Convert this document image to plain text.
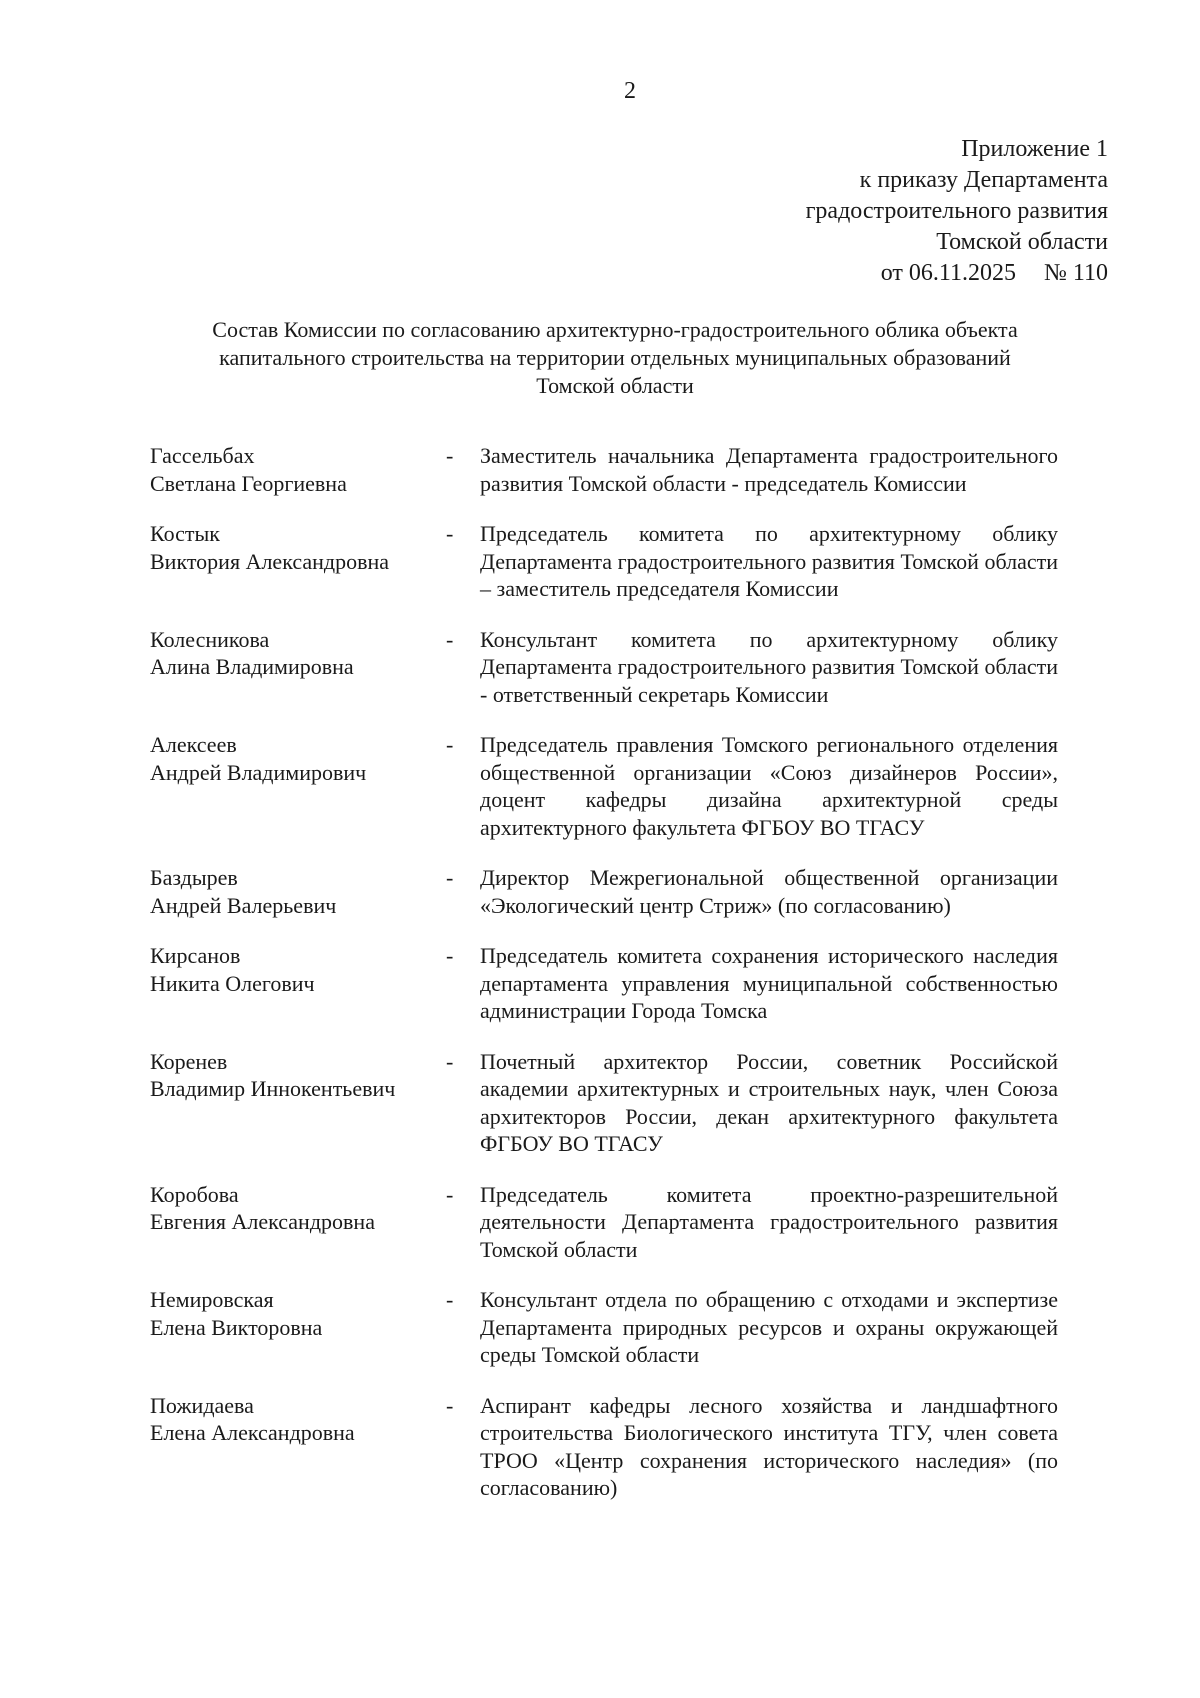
2
Приложение 1
к приказу Департамента
градостроительного развития
Томской области
от 06.11.2025 № 110
Состав Комиссии по согласованию архитектурно-градостроительного облика объекта
капитального строительства на территории отдельных муниципальных образований
Томской области
Гассельбах
Светлана Георгиевна
-	Заместитель начальника Департамента градостроительного развития Томской области - председатель Комиссии
Костык
Виктория Александровна
-	Председатель комитета по архитектурному облику Департамента градостроительного развития Томской области – заместитель председателя Комиссии
Колесникова
Алина Владимировна
-	Консультант комитета по архитектурному облику Департамента градостроительного развития Томской области - ответственный секретарь Комиссии
Алексеев
Андрей Владимирович
-	Председатель правления Томского регионального отделения общественной организации «Союз дизайнеров России», доцент кафедры дизайна архитектурной среды архитектурного факультета ФГБОУ ВО ТГАСУ
Баздырев
Андрей Валерьевич
-	Директор Межрегиональной общественной организации «Экологический центр Стриж» (по согласованию)
Кирсанов
Никита Олегович
-	Председатель комитета сохранения исторического наследия департамента управления муниципальной собственностью администрации Города Томска
Коренев
Владимир Иннокентьевич
-	Почетный архитектор России, советник Российской академии архитектурных и строительных наук, член Союза архитекторов России, декан архитектурного факультета ФГБОУ ВО ТГАСУ
Коробова
Евгения Александровна
-	Председатель комитета проектно-разрешительной деятельности Департамента градостроительного развития Томской области
Немировская
Елена Викторовна
-	Консультант отдела по обращению с отходами и экспертизе Департамента природных ресурсов и охраны окружающей среды Томской области
Пожидаева
Елена Александровна
-	Аспирант кафедры лесного хозяйства и ландшафтного строительства Биологического института ТГУ, член совета ТРОО «Центр сохранения исторического наследия» (по согласованию)
